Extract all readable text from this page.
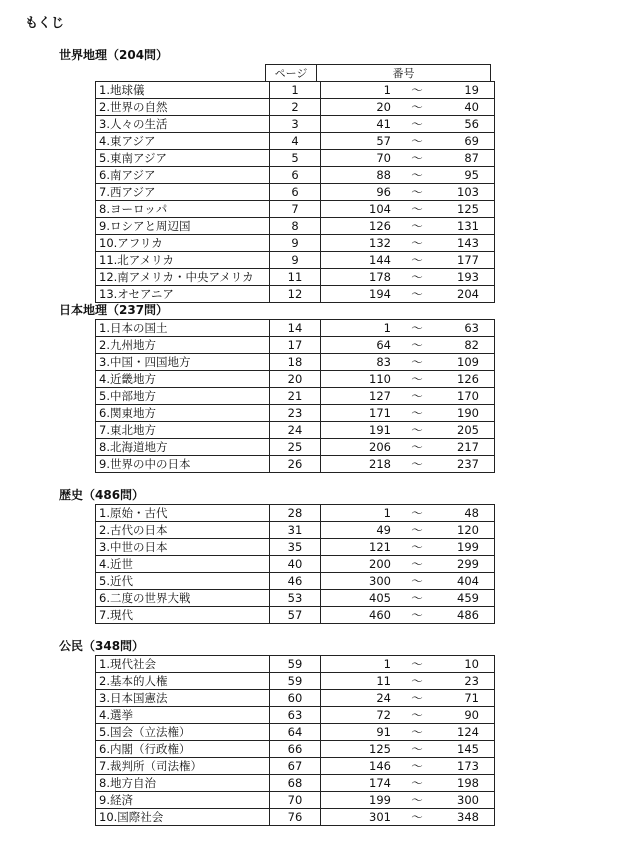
もくじ
世界地理（204問）
ページ	番号
1.地球儀	1	1 ～ 19

2.世界の自然	2	20 ～ 40

3.人々の生活	3	41 ～ 56

4.東アジア	4	57 ～ 69

5.東南アジア	5	70 ～ 87

6.南アジア	6	88 ～ 95

7.西アジア	6	96 ～ 103

8.ヨーロッパ	7	104 ～ 125

9.ロシアと周辺国	8	126 ～ 131

10.アフリカ	9	132 ～ 143

11.北アメリカ	9	144 ～ 177

12.南アメリカ・中央アメリカ	11	178 ～ 193

13.オセアニア	12	194 ～ 204
日本地理（237問）
1.日本の国土	14	1 ～ 63

2.九州地方	17	64 ～ 82

3.中国・四国地方	18	83 ～ 109

4.近畿地方	20	110 ～ 126

5.中部地方	21	127 ～ 170

6.関東地方	23	171 ～ 190

7.東北地方	24	191 ～ 205

8.北海道地方	25	206 ～ 217

9.世界の中の日本	26	218 ～ 237
歴史（486問）
1.原始・古代	28	1 ～ 48

2.古代の日本	31	49 ～ 120

3.中世の日本	35	121 ～ 199

4.近世	40	200 ～ 299

5.近代	46	300 ～ 404

6.二度の世界大戦	53	405 ～ 459

7.現代	57	460 ～ 486
公民（348問）
1.現代社会	59	1 ～ 10

2.基本的人権	59	11 ～ 23

3.日本国憲法	60	24 ～ 71

4.選挙	63	72 ～ 90

5.国会（立法権）	64	91 ～ 124

6.内閣（行政権）	66	125 ～ 145

7.裁判所（司法権）	67	146 ～ 173

8.地方自治	68	174 ～ 198

9.経済	70	199 ～ 300

10.国際社会	76	301 ～ 348
